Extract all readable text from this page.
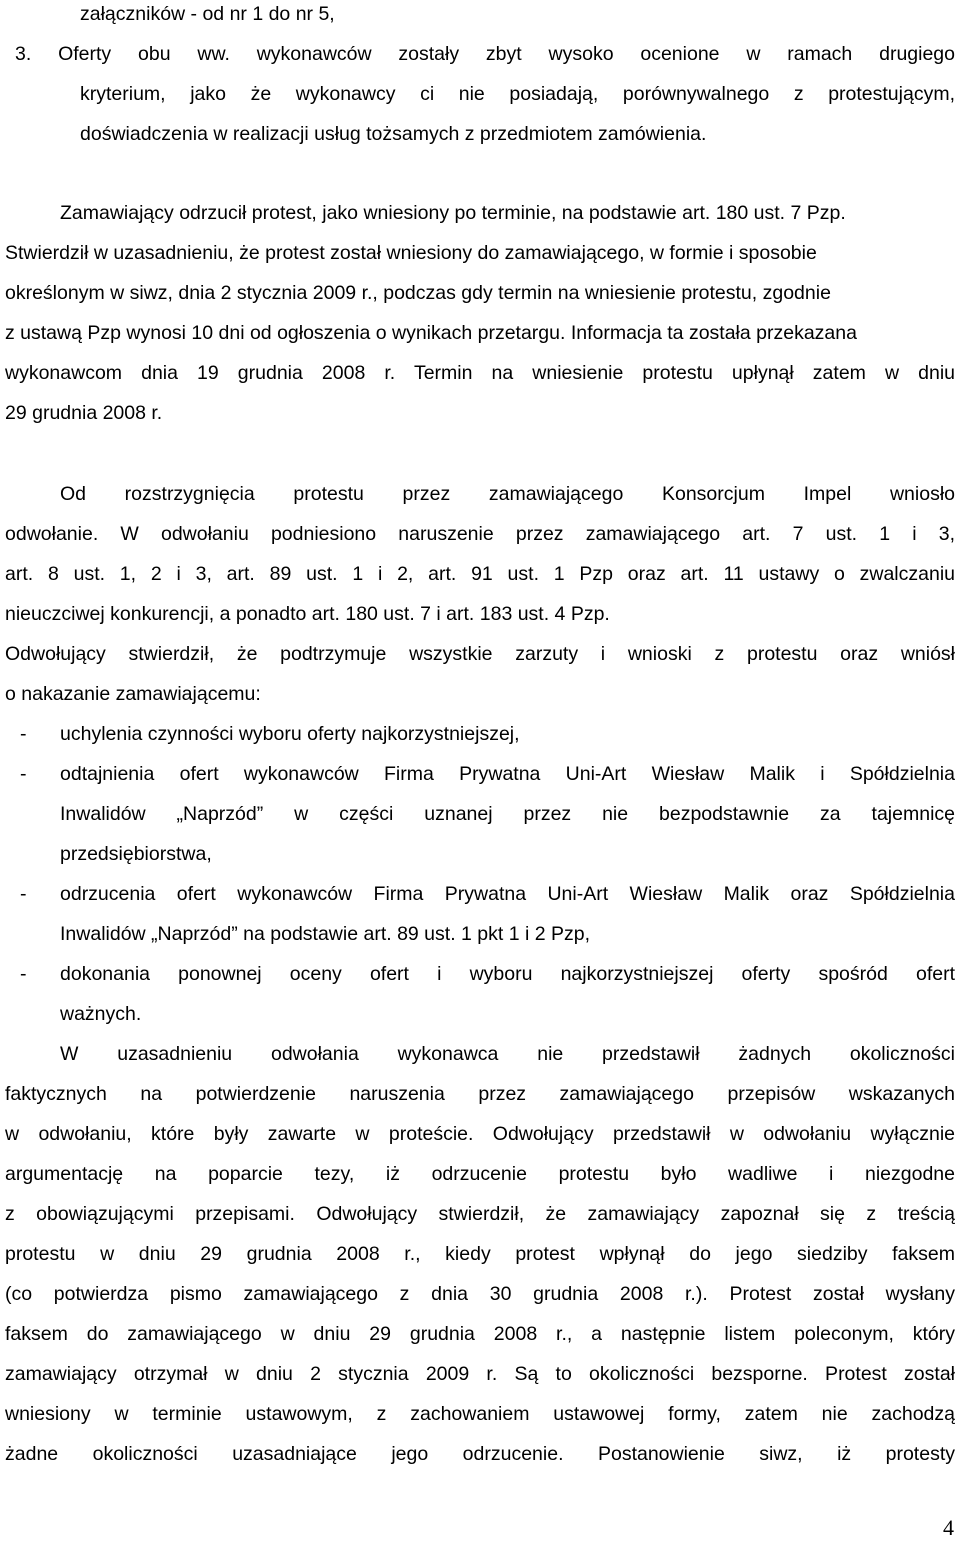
załączników - od nr 1 do nr 5,
3. Oferty obu ww. wykonawców zostały zbyt wysoko ocenione w ramach drugiego
kryterium, jako że wykonawcy ci nie posiadają, porównywalnego z protestującym,
doświadczenia w realizacji usług tożsamych z przedmiotem zamówienia.
Zamawiający odrzucił protest, jako wniesiony po terminie, na podstawie art. 180 ust. 7 Pzp.
Stwierdził w uzasadnieniu, że protest został wniesiony do zamawiającego, w formie i sposobie
określonym w siwz, dnia 2 stycznia 2009 r., podczas gdy termin na wniesienie protestu, zgodnie
z ustawą Pzp wynosi 10 dni od ogłoszenia o wynikach przetargu. Informacja ta została przekazana
wykonawcom dnia 19 grudnia 2008 r. Termin na wniesienie protestu upłynął zatem w dniu
29 grudnia 2008 r.
Od rozstrzygnięcia protestu przez zamawiającego Konsorcjum Impel wniosło
odwołanie. W odwołaniu podniesiono naruszenie przez zamawiającego art. 7 ust. 1 i 3,
art. 8 ust. 1, 2 i 3, art. 89 ust. 1 i 2, art. 91 ust. 1 Pzp oraz art. 11 ustawy o zwalczaniu
nieuczciwej konkurencji, a ponadto art. 180 ust. 7 i art. 183 ust. 4 Pzp.
Odwołujący stwierdził, że podtrzymuje wszystkie zarzuty i wnioski z protestu oraz wniósł
o nakazanie zamawiającemu:
-	uchylenia czynności wyboru oferty najkorzystniejszej,
-	odtajnienia ofert wykonawców Firma Prywatna Uni-Art Wiesław Malik i Spółdzielnia
Inwalidów „Naprzód” w części uznanej przez nie bezpodstawnie za tajemnicę
przedsiębiorstwa,
-	odrzucenia ofert wykonawców Firma Prywatna Uni-Art Wiesław Malik oraz Spółdzielnia
Inwalidów „Naprzód” na podstawie art. 89 ust. 1 pkt 1 i 2 Pzp,
-	dokonania ponownej oceny ofert i wyboru najkorzystniejszej oferty spośród ofert
ważnych.
W uzasadnieniu odwołania wykonawca nie przedstawił żadnych okoliczności
faktycznych na potwierdzenie naruszenia przez zamawiającego przepisów wskazanych
w odwołaniu, które były zawarte w proteście. Odwołujący przedstawił w odwołaniu wyłącznie
argumentację na poparcie tezy, iż odrzucenie protestu było wadliwe i niezgodne
z obowiązującymi przepisami. Odwołujący stwierdził, że zamawiający zapoznał się z treścią
protestu w dniu 29 grudnia 2008 r., kiedy protest wpłynął do jego siedziby faksem
(co potwierdza pismo zamawiającego z dnia 30 grudnia 2008 r.). Protest został wysłany
faksem do zamawiającego w dniu 29 grudnia 2008 r., a następnie listem poleconym, który
zamawiający otrzymał w dniu 2 stycznia 2009 r. Są to okoliczności bezsporne. Protest został
wniesiony w terminie ustawowym, z zachowaniem ustawowej formy, zatem nie zachodzą
żadne okoliczności uzasadniające jego odrzucenie. Postanowienie siwz, iż protesty
4
